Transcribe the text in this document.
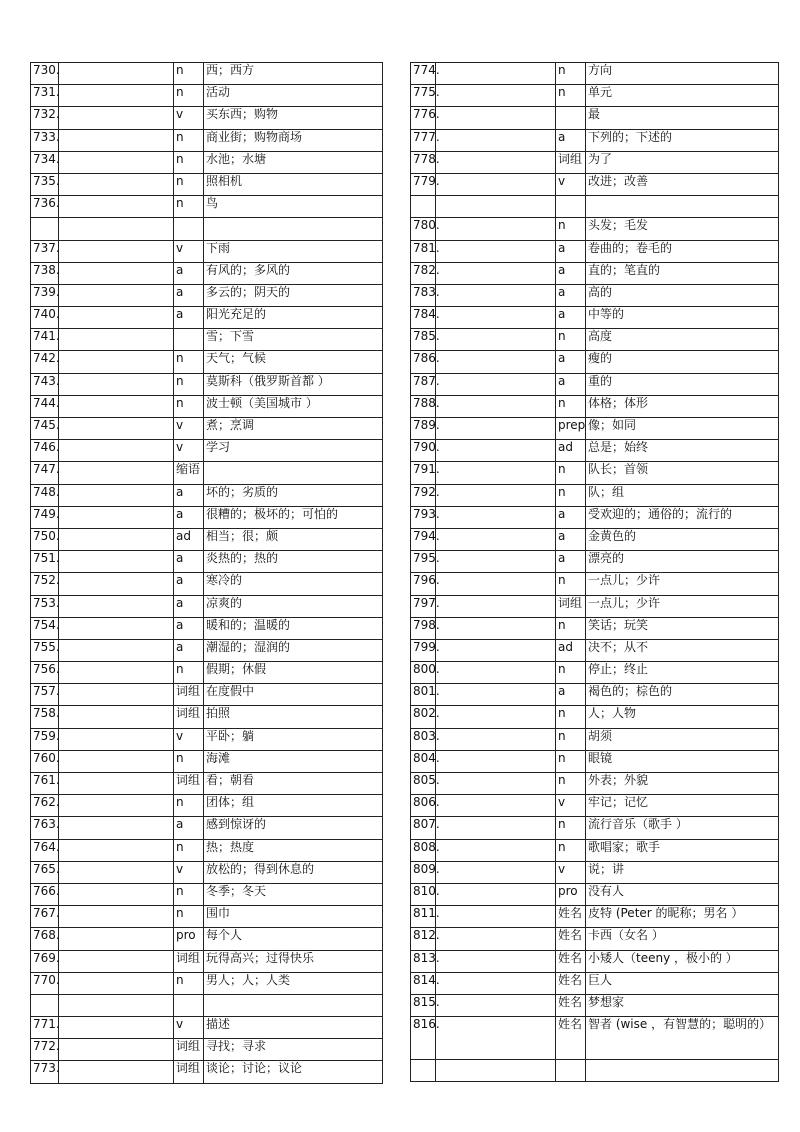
730.		n	西；西方
731.		n	活动
732.		v	买东西；购物
733.		n	商业街；购物商场
734.		n	水池；水塘
735.		n	照相机
736.		n	鸟

737.		v	下雨
738.		a	有风的；多风的
739.		a	多云的；阴天的
740.		a	阳光充足的
741.			雪；下雪
742.		n	天气；气候
743.		n	莫斯科（俄罗斯首都 ）
744.		n	波士顿（美国城市 ）
745.		v	煮；烹调
746.		v	学习
747.		缩语	
748.		a	坏的；劣质的
749.		a	很糟的；极坏的；可怕的
750.		ad	相当；很；颇
751.		a	炎热的；热的
752.		a	寒冷的
753.		a	凉爽的
754.		a	暖和的；温暖的
755.		a	潮湿的；湿润的
756.		n	假期；休假
757.		词组	在度假中
758.		词组	拍照
759.		v	平卧；躺
760.		n	海滩
761.		词组	看；朝看
762.		n	团体；组
763.		a	感到惊讶的
764.		n	热；热度
765.		v	放松的；得到休息的
766.		n	冬季；冬天
767.		n	围巾
768.		pro	每个人
769.		词组	玩得高兴；过得快乐
770.		n	男人；人；人类

771.		v	描述
772.		词组	寻找；寻求
773.		词组	谈论；讨论；议论
774.		n	方向
775.		n	单元
776.			最
777.		a	下列的；下述的
778.		词组	为了
779.		v	改进；改善

780.		n	头发；毛发
781.		a	卷曲的；卷毛的
782.		a	直的；笔直的
783.		a	高的
784.		a	中等的
785.		n	高度
786.		a	瘦的
787.		a	重的
788.		n	体格；体形
789.		prep	像；如同
790.		ad	总是；始终
791.		n	队长；首领
792.		n	队；组
793.		a	受欢迎的；通俗的；流行的
794.		a	金黄色的
795.		a	漂亮的
796.		n	一点儿；少许
797.		词组	一点儿；少许
798.		n	笑话；玩笑
799.		ad	决不；从不
800.		n	停止；终止
801.		a	褐色的；棕色的
802.		n	人；人物
803.		n	胡须
804.		n	眼镜
805.		n	外表；外貌
806.		v	牢记；记忆
807.		n	流行音乐（歌手 ）
808.		n	歌唱家；歌手
809.		v	说；讲
810.		pro	没有人
811.		姓名	皮特 (Peter 的昵称；男名 ）
812.		姓名	卡西（女名 ）
813.		姓名	小矮人（teeny ，极小的 ）
814.		姓名	巨人
815.		姓名	梦想家
816.		姓名	智者 (wise ，有智慧的；聪明的）
